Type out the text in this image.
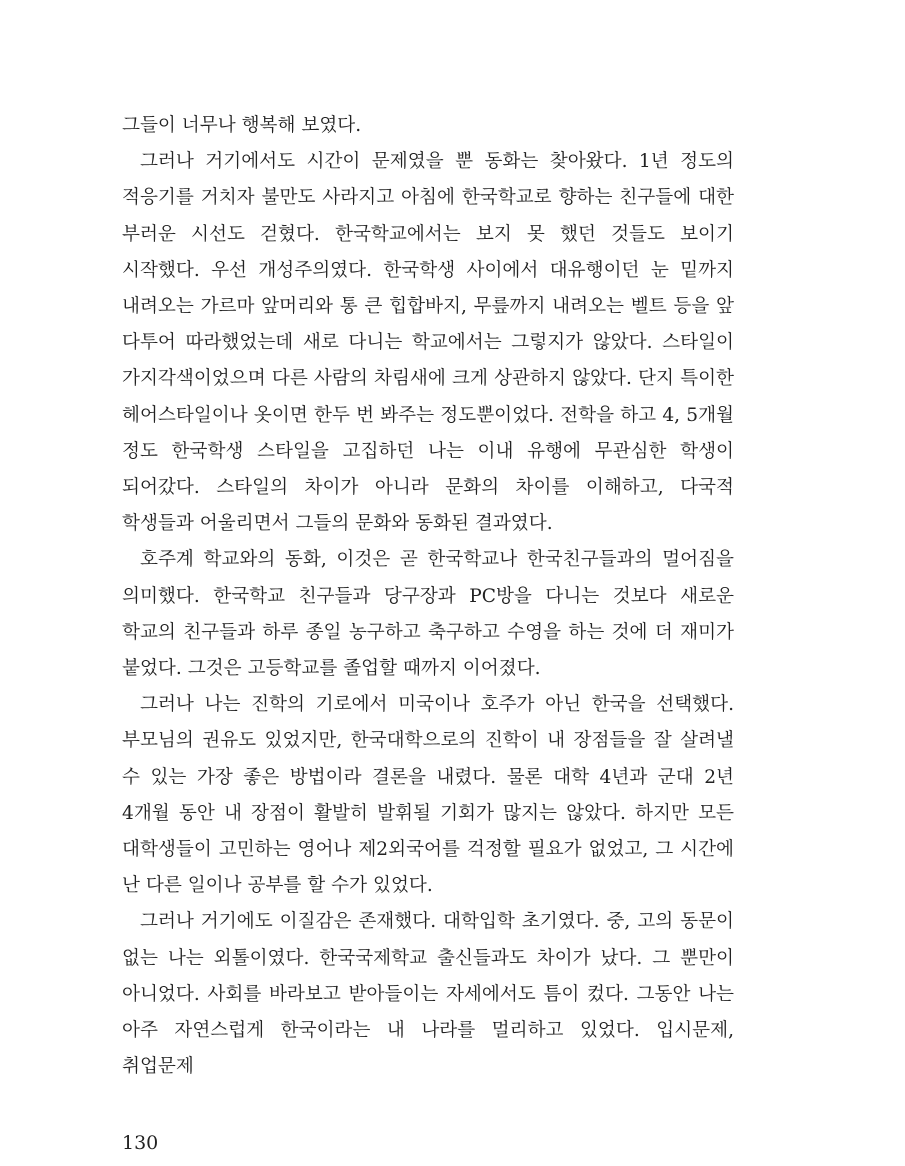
그들이 너무나 행복해 보였다.

그러나 거기에서도 시간이 문제였을 뿐 동화는 찾아왔다. 1년 정도의 적응기를 거치자 불만도 사라지고 아침에 한국학교로 향하는 친구들에 대한 부러운 시선도 걷혔다. 한국학교에서는 보지 못 했던 것들도 보이기 시작했다. 우선 개성주의였다. 한국학생 사이에서 대유행이던 눈 밑까지 내려오는 가르마 앞머리와 통 큰 힙합바지, 무릎까지 내려오는 벨트 등을 앞 다투어 따라했었는데 새로 다니는 학교에서는 그렇지가 않았다. 스타일이 가지각색이었으며 다른 사람의 차림새에 크게 상관하지 않았다. 단지 특이한 헤어스타일이나 옷이면 한두 번 봐주는 정도뿐이었다. 전학을 하고 4, 5개월 정도 한국학생 스타일을 고집하던 나는 이내 유행에 무관심한 학생이 되어갔다. 스타일의 차이가 아니라 문화의 차이를 이해하고, 다국적 학생들과 어울리면서 그들의 문화와 동화된 결과였다.

호주계 학교와의 동화, 이것은 곧 한국학교나 한국친구들과의 멀어짐을 의미했다. 한국학교 친구들과 당구장과 PC방을 다니는 것보다 새로운 학교의 친구들과 하루 종일 농구하고 축구하고 수영을 하는 것에 더 재미가 붙었다. 그것은 고등학교를 졸업할 때까지 이어졌다.

그러나 나는 진학의 기로에서 미국이나 호주가 아닌 한국을 선택했다. 부모님의 권유도 있었지만, 한국대학으로의 진학이 내 장점들을 잘 살려낼 수 있는 가장 좋은 방법이라 결론을 내렸다. 물론 대학 4년과 군대 2년 4개월 동안 내 장점이 활발히 발휘될 기회가 많지는 않았다. 하지만 모든 대학생들이 고민하는 영어나 제2외국어를 걱정할 필요가 없었고, 그 시간에 난 다른 일이나 공부를 할 수가 있었다.

그러나 거기에도 이질감은 존재했다. 대학입학 초기였다. 중, 고의 동문이 없는 나는 외톨이였다. 한국국제학교 출신들과도 차이가 났다. 그 뿐만이 아니었다. 사회를 바라보고 받아들이는 자세에서도 틈이 컸다. 그동안 나는 아주 자연스럽게 한국이라는 내 나라를 멀리하고 있었다. 입시문제, 취업문제

130
